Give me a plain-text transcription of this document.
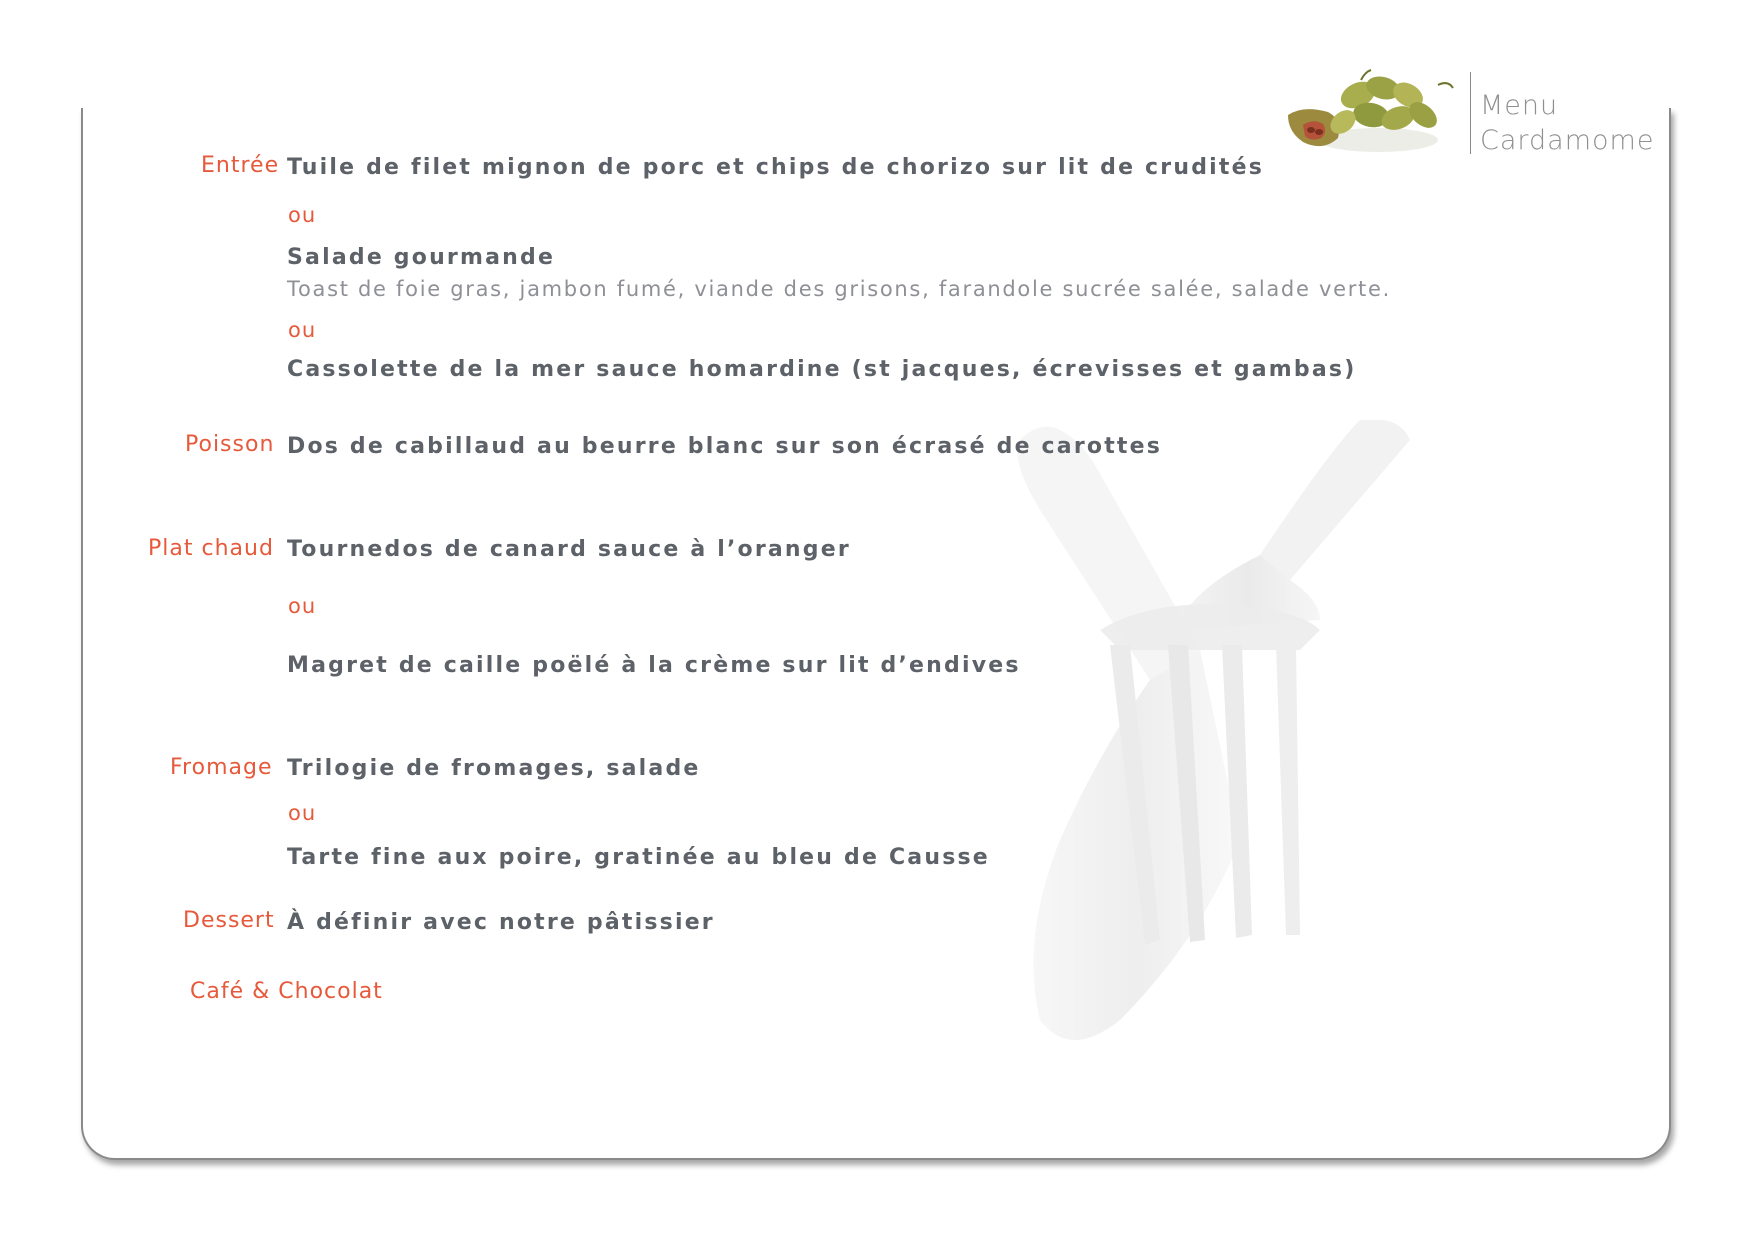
Menu
Cardamome
Entrée Tuile de filet mignon de porc et chips de chorizo sur lit de crudités
ou
Salade gourmande
Toast de foie gras, jambon fumé, viande des grisons, farandole sucrée salée, salade verte.
ou
Cassolette de la mer sauce homardine (st jacques, écrevisses et gambas)
Poisson Dos de cabillaud au beurre blanc sur son écrasé de carottes
Plat chaud Tournedos de canard sauce à l’oranger
ou
Magret de caille poëlé à la crème sur lit d’endives
Fromage Trilogie de fromages, salade
ou
Tarte fine aux poire, gratinée au bleu de Causse
Dessert À définir avec notre pâtissier
Café & Chocolat
